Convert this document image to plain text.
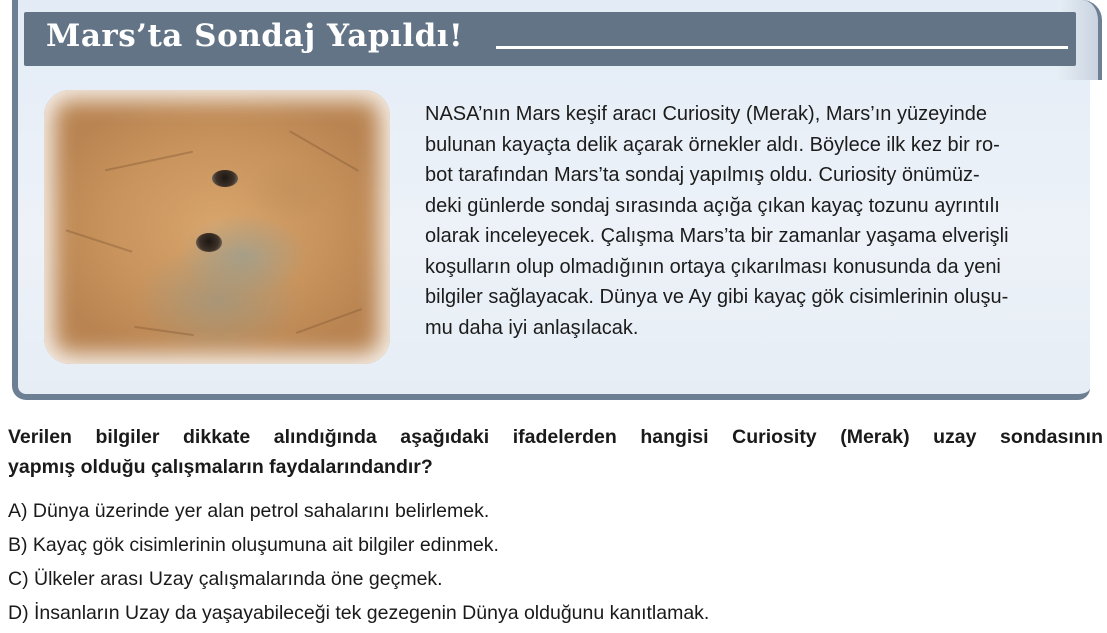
Mars’ta Sondaj Yapıldı!

NASA’nın Mars keşif aracı Curiosity (Merak), Mars’ın yüzeyinde
bulunan kayaçta delik açarak örnekler aldı. Böylece ilk kez bir ro-
bot tarafından Mars’ta sondaj yapılmış oldu. Curiosity önümüz-
deki günlerde sondaj sırasında açığa çıkan kayaç tozunu ayrıntılı
olarak inceleyecek. Çalışma Mars’ta bir zamanlar yaşama elverişli
koşulların olup olmadığının ortaya çıkarılması konusunda da yeni
bilgiler sağlayacak. Dünya ve Ay gibi kayaç gök cisimlerinin oluşu-
mu daha iyi anlaşılacak.

Verilen bilgiler dikkate alındığında aşağıdaki ifadelerden hangisi Curiosity (Merak) uzay sondasının
yapmış olduğu çalışmaların faydalarındandır?

A) Dünya üzerinde yer alan petrol sahalarını belirlemek.
B) Kayaç gök cisimlerinin oluşumuna ait bilgiler edinmek.
C) Ülkeler arası Uzay çalışmalarında öne geçmek.
D) İnsanların Uzay da yaşayabileceği tek gezegenin Dünya olduğunu kanıtlamak.
